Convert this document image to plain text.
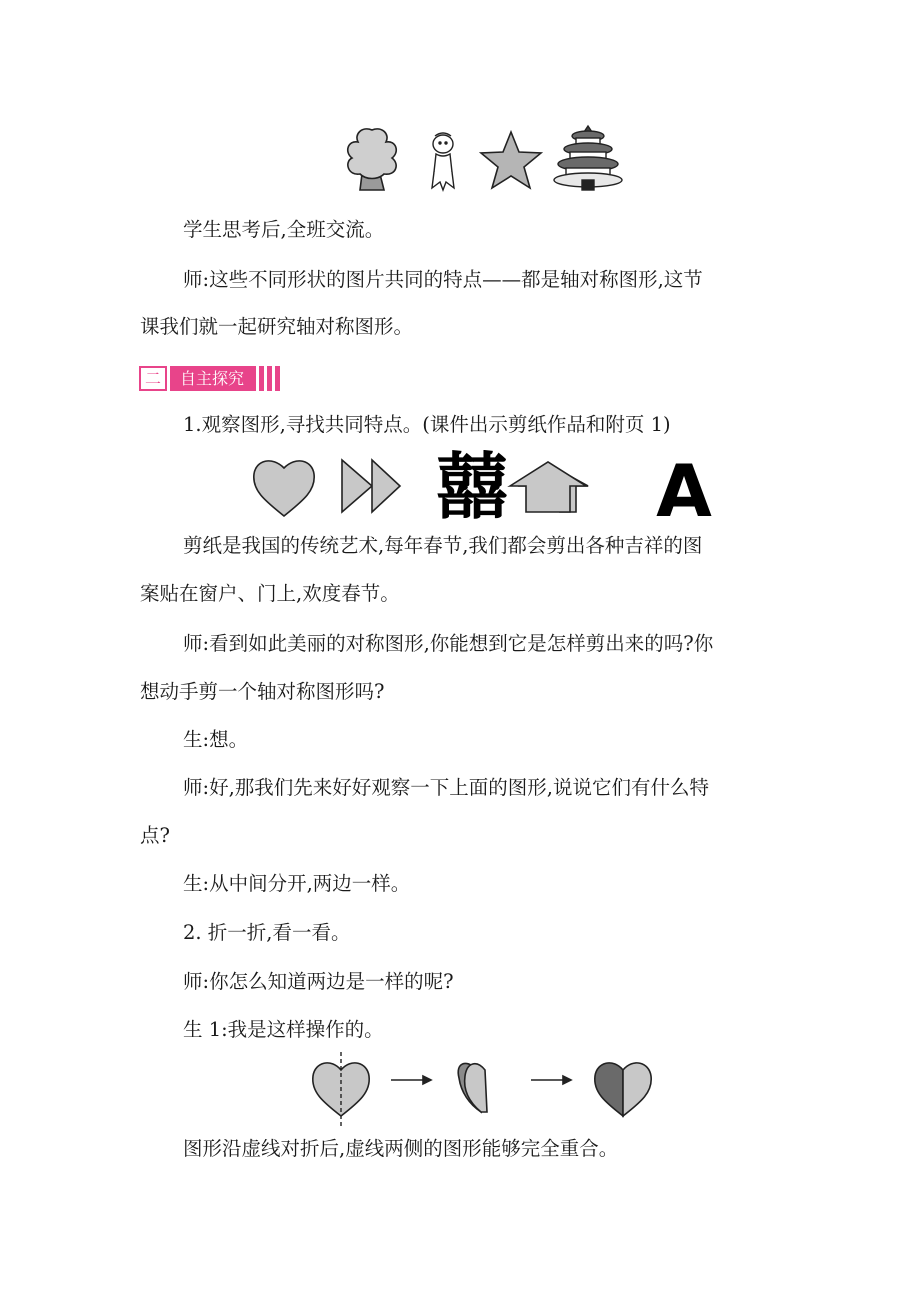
学生思考后,全班交流。
师:这些不同形状的图片共同的特点——都是轴对称图形,这节
课我们就一起研究轴对称图形。
二	自主探究
1.观察图形,寻找共同特点。(课件出示剪纸作品和附页 1)
囍 A
剪纸是我国的传统艺术,每年春节,我们都会剪出各种吉祥的图
案贴在窗户、门上,欢度春节。
师:看到如此美丽的对称图形,你能想到它是怎样剪出来的吗?你
想动手剪一个轴对称图形吗?
生:想。
师:好,那我们先来好好观察一下上面的图形,说说它们有什么特
点?
生:从中间分开,两边一样。
2. 折一折,看一看。
师:你怎么知道两边是一样的呢?
生 1:我是这样操作的。
图形沿虚线对折后,虚线两侧的图形能够完全重合。
